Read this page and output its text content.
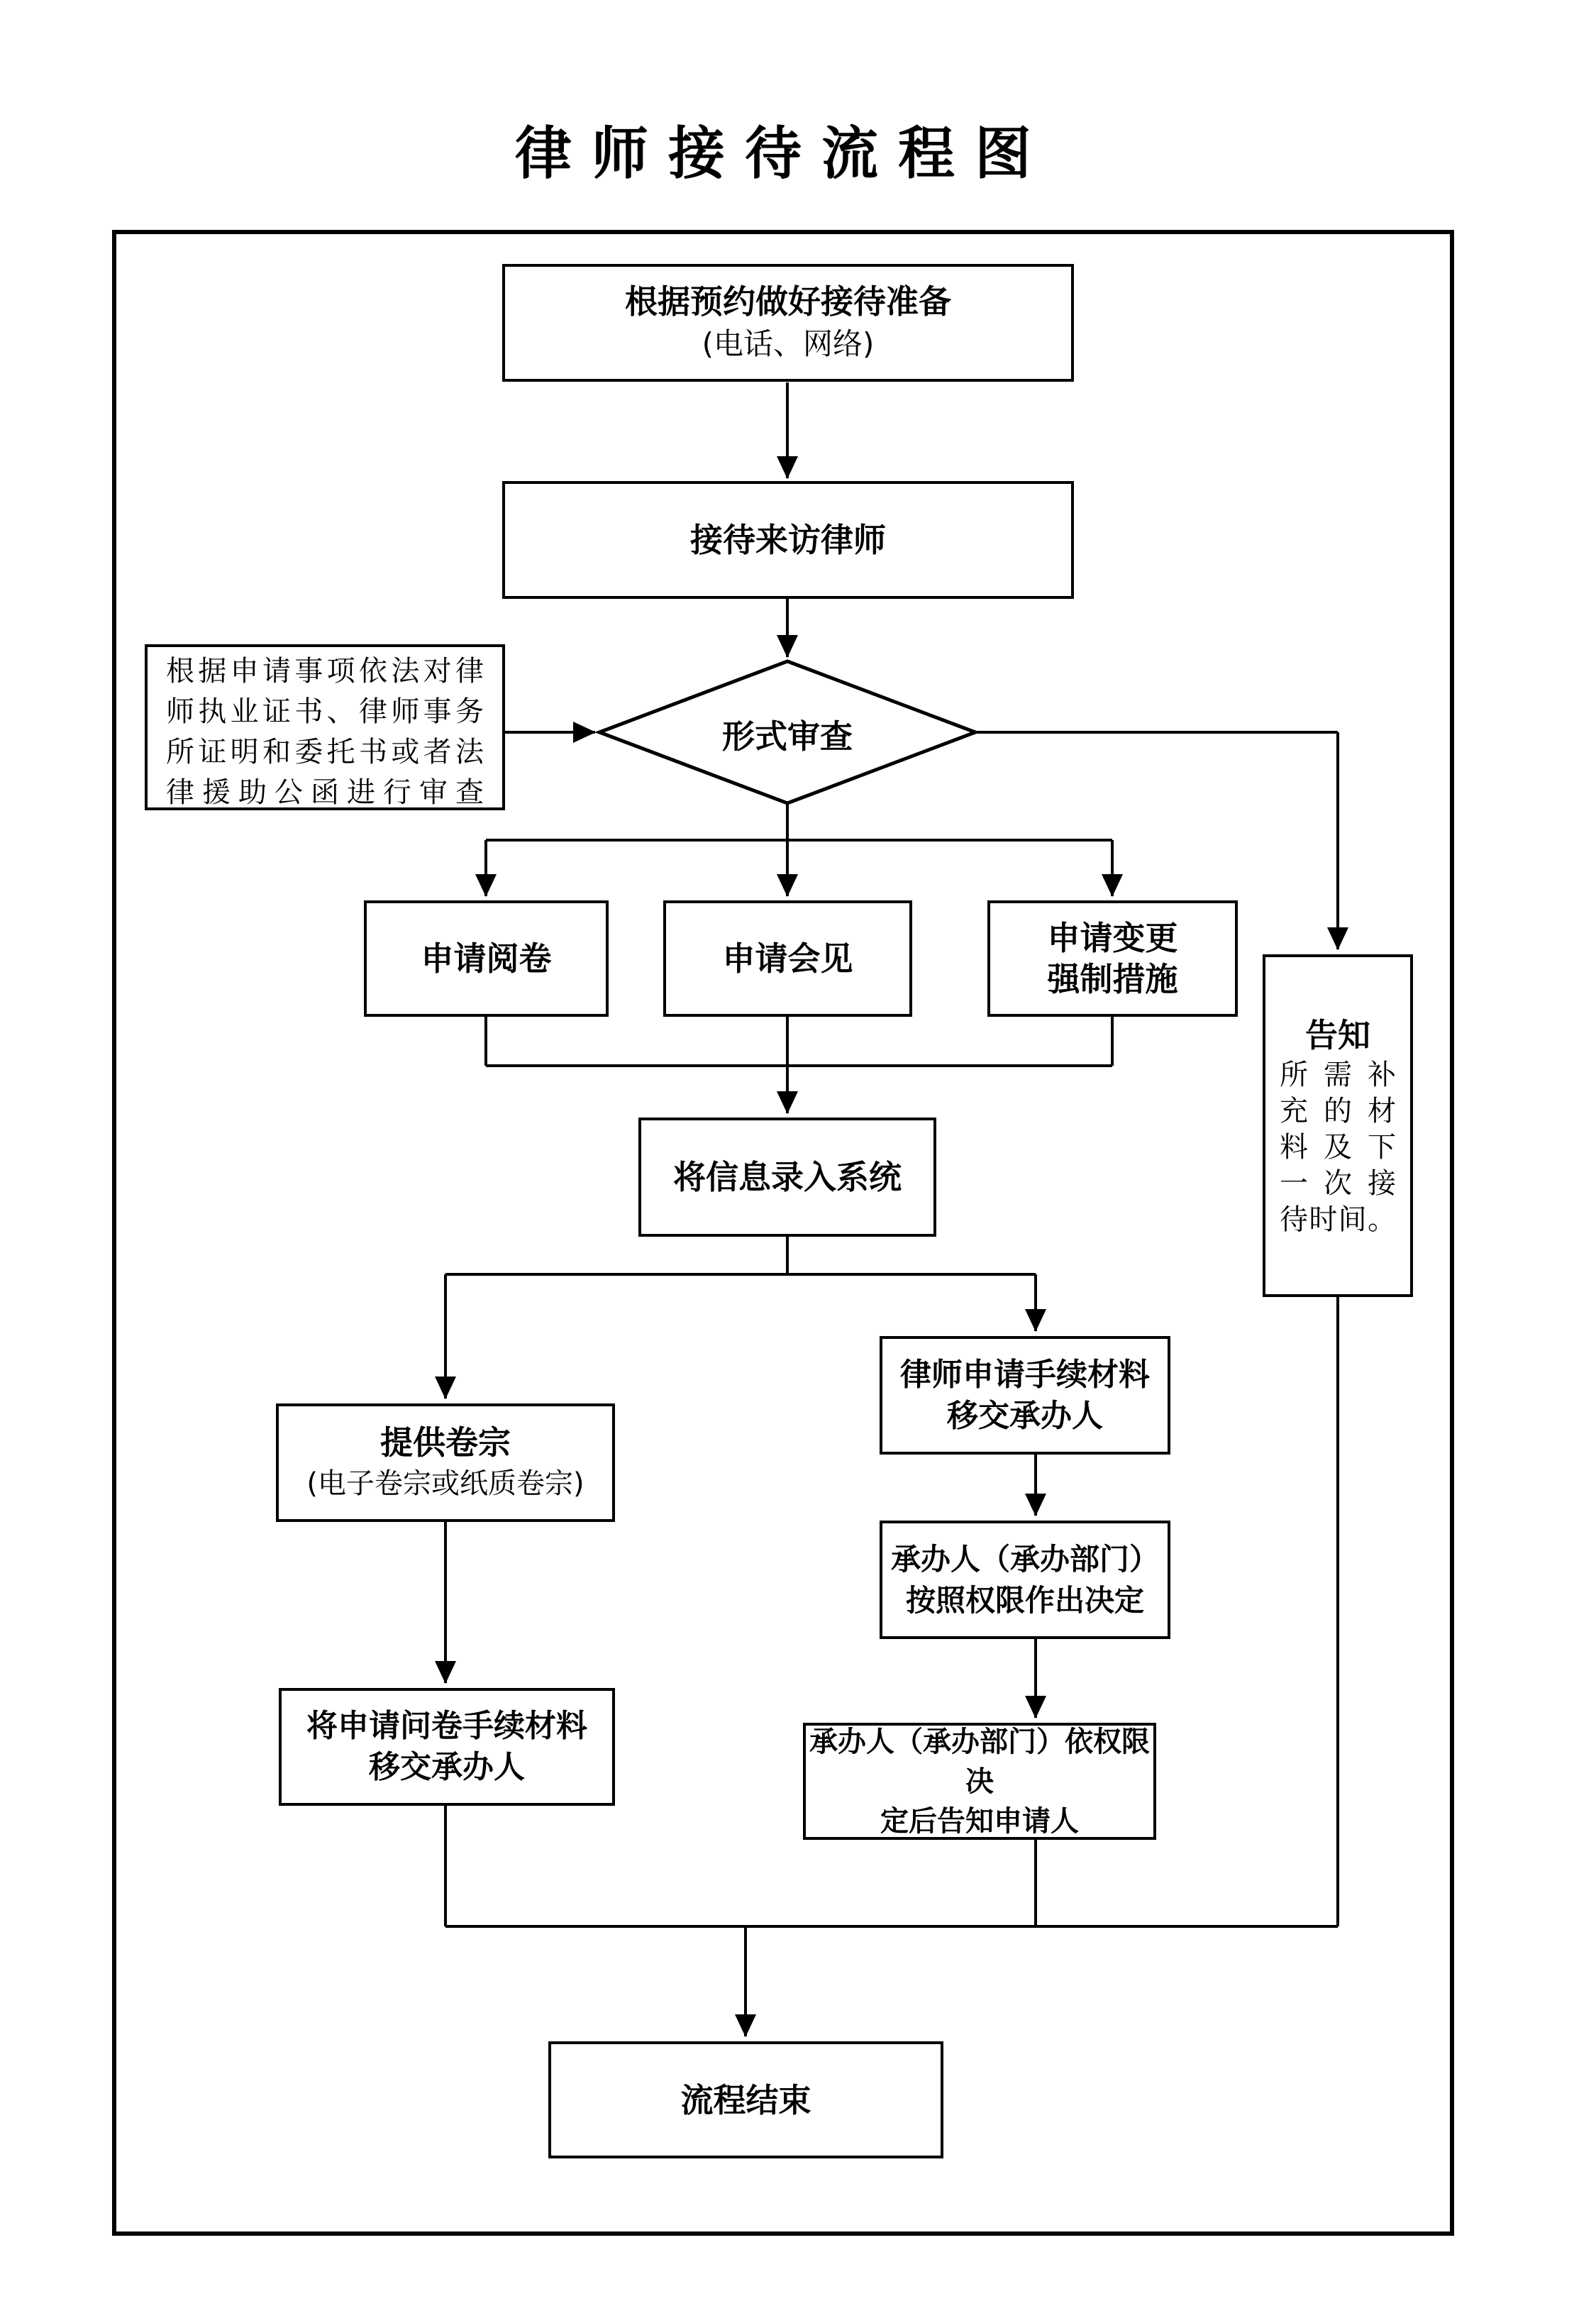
律师接待流程图
根据预约做好接待准备
(电话、网络)
接待来访律师
根据申请事项依法对律
师执业证书、律师事务
所证明和委托书或者法
律援助公函进行审查
形式审查
申请阅卷	申请会见
申请变更
强制措施
告知
所需补
充的材
料及下
一次接
待时间。
将信息录入系统
提供卷宗
(电子卷宗或纸质卷宗)
律师申请手续材料
移交承办人
承办人（承办部门）
按照权限作出决定
将申请问卷手续材料
移交承办人
承办人（承办部门）依权限决
定后告知申请人
流程结束
